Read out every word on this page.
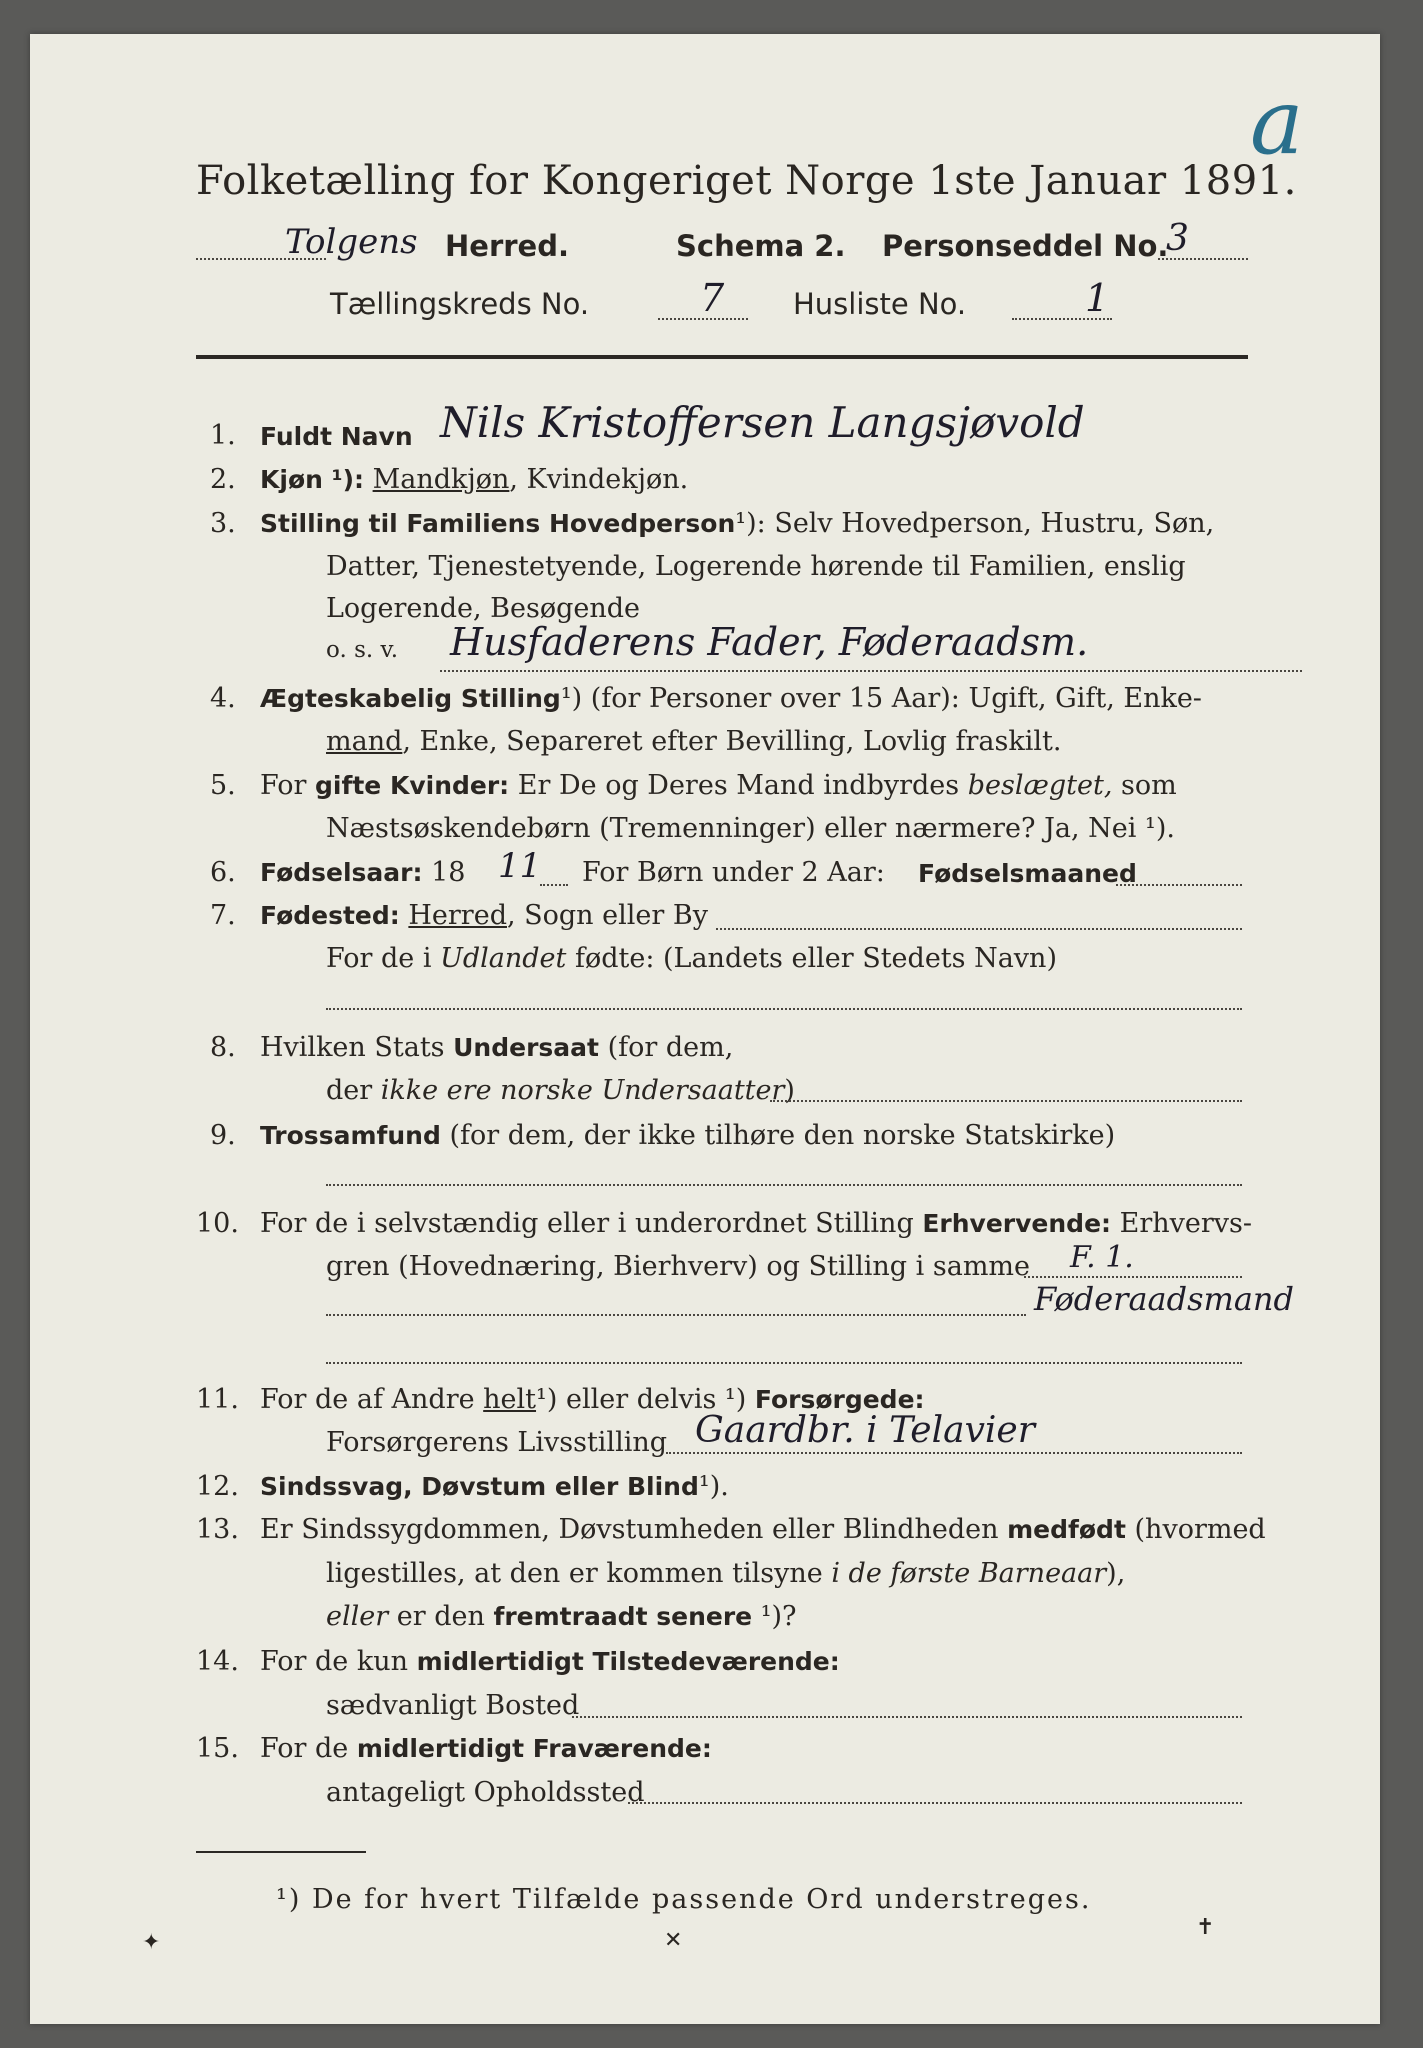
a
Folketælling for Kongeriget Norge 1ste Januar 1891.
Tolgens Herred.	Schema 2. Personseddel No.
3
Tællingskreds No.	7 Husliste No.	1
1. Fuldt Navn Nils Kristoffersen Langsjøvold
2. Kjøn ¹): Mandkjøn, Kvindekjøn.
3. Stilling til Familiens Hovedperson¹): Selv Hovedperson, Hustru, Søn,
Datter, Tjenestetyende, Logerende hørende til Familien, enslig
Logerende, Besøgende
o. s. v. Husfaderens Fader, Føderaadsm.
4. Ægteskabelig Stilling¹) (for Personer over 15 Aar): Ugift, Gift, Enke-
mand, Enke, Separeret efter Bevilling, Lovlig fraskilt.
5. For gifte Kvinder: Er De og Deres Mand indbyrdes beslægtet, som
Næstsøskendebørn (Tremenninger) eller nærmere? Ja, Nei ¹).
6. Fødselsaar: 18 11 For Børn under 2 Aar: Fødselsmaaned
7. Fødested: Herred, Sogn eller By
For de i Udlandet fødte: (Landets eller Stedets Navn)
8. Hvilken Stats Undersaat (for dem,
der ikke ere norske Undersaatter)
9. Trossamfund (for dem, der ikke tilhøre den norske Statskirke)
10. For de i selvstændig eller i underordnet Stilling Erhvervende: Erhvervs-
gren (Hovednæring, Bierhverv) og Stilling i samme F. 1.
Føderaadsmand
11. For de af Andre helt¹) eller delvis ¹) Forsørgede:
Forsørgerens Livsstilling Gaardbr. i Telavier
12. Sindssvag, Døvstum eller Blind¹).
13. Er Sindssygdommen, Døvstumheden eller Blindheden medfødt (hvormed
ligestilles, at den er kommen tilsyne i de første Barneaar),
eller er den fremtraadt senere ¹)?
14. For de kun midlertidigt Tilstedeværende:
sædvanligt Bosted
15. For de midlertidigt Fraværende:
antageligt Opholdssted
¹) De for hvert Tilfælde passende Ord understreges.
✦	✕
✝
